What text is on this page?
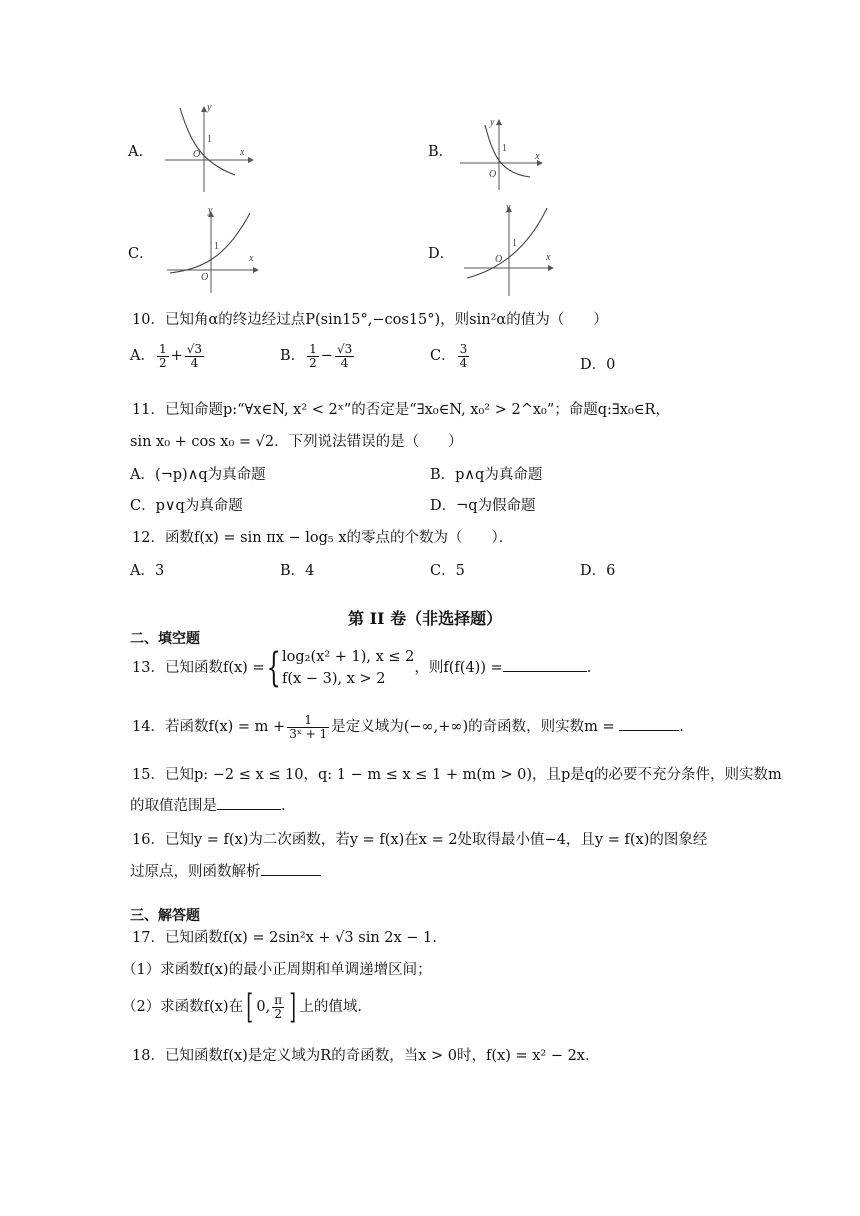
A．
y
1
O	x	B．
y
1
O
x
C．
y
1
O
x	D．
y
1
O	x
10．已知角α的终边经过点P(sin15°,−cos15°)，则sin²α的值为（　　）
A． $\frac{1}{2} + \frac{√3}{4}$	B． $\frac{1}{2} - \frac{√3}{4}$	C． $\frac{3}{4}$	D．0
11．已知命题p:“∀x∈N, x² < 2ˣ”的否定是“∃x₀∈N, x₀² > 2^x₀”；命题q:∃x₀∈R，
sin x₀ + cos x₀ = √2．下列说法错误的是（　　）
A．(¬p)∧q为真命题	B．p∧q为真命题
C．p∨q为真命题	D．¬q为假命题
12．函数f(x) = sin πx − log₅ x的零点的个数为（　　）．
A．3	B．4	C．5	D．6
第 II 卷（非选择题）
二、填空题
13．已知函数f(x) ={ log₂(x² + 1), x ≤ 2
f(x − 3), x > 2
，则f(f(4)) =	.
14．若函数$f(x) = m + \frac{1}{\text{3ˣ + 1}}$ 是定义域为(−∞,+∞)的奇函数，则实数m =	.
15．已知p: −2 ≤ x ≤ 10，q: 1 − m ≤ x ≤ 1 + m(m > 0)，且p是q的必要不充分条件，则实数m
的取值范围是	.
16．已知y = f(x)为二次函数，若y = f(x)在x = 2处取得最小值−4，且y = f(x)的图象经
过原点，则函数解析
三、解答题
17．已知函数f(x) = 2sin²x + √3 sin 2x − 1.
（1）求函数f(x)的最小正周期和单调递增区间；
（2）求函数f(x)在[ 0, $\frac{\pi}{2}$ ] 上的值域.
18．已知函数f(x)是定义域为R的奇函数，当x > 0时，f(x) = x² − 2x.
